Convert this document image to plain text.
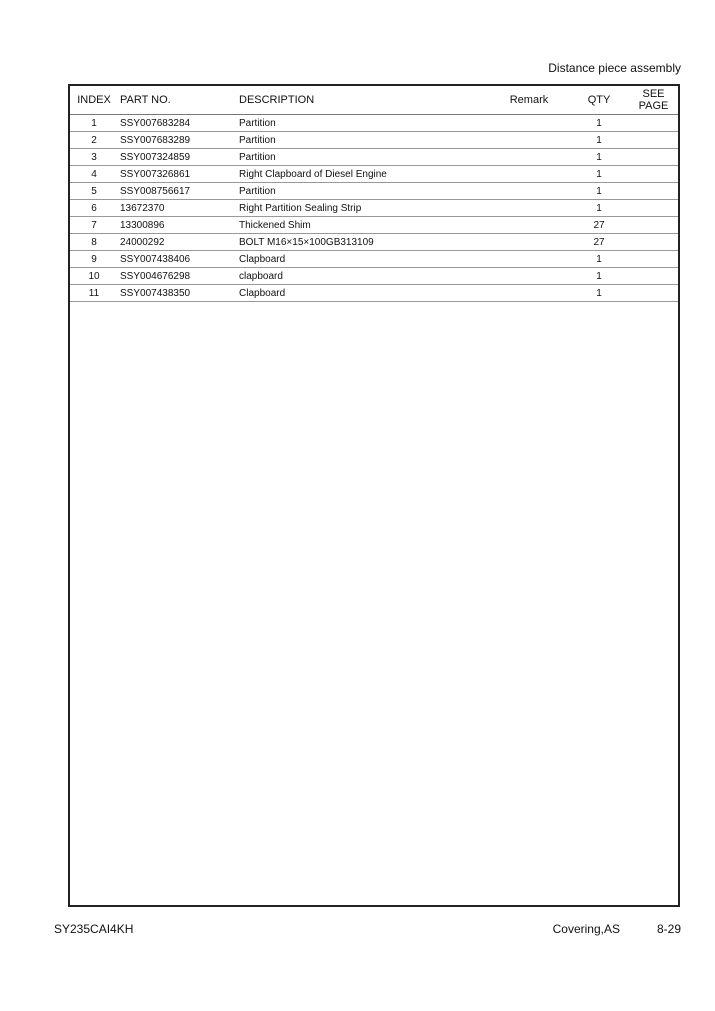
Distance piece assembly
INDEX	PART NO.	DESCRIPTION	Remark	QTY	SEE
PAGE
1	SSY007683284	Partition		1	
2	SSY007683289	Partition		1	
3	SSY007324859	Partition		1	
4	SSY007326861	Right Clapboard of Diesel Engine		1	
5	SSY008756617	Partition		1	
6	13672370	Right Partition Sealing Strip		1	
7	13300896	Thickened Shim		27	
8	24000292	BOLT M16×15×100GB313109		27	
9	SSY007438406	Clapboard		1	
10	SSY004676298	clapboard		1	
11	SSY007438350	Clapboard		1	
SY235CAI4KH	Covering,AS	8-29
